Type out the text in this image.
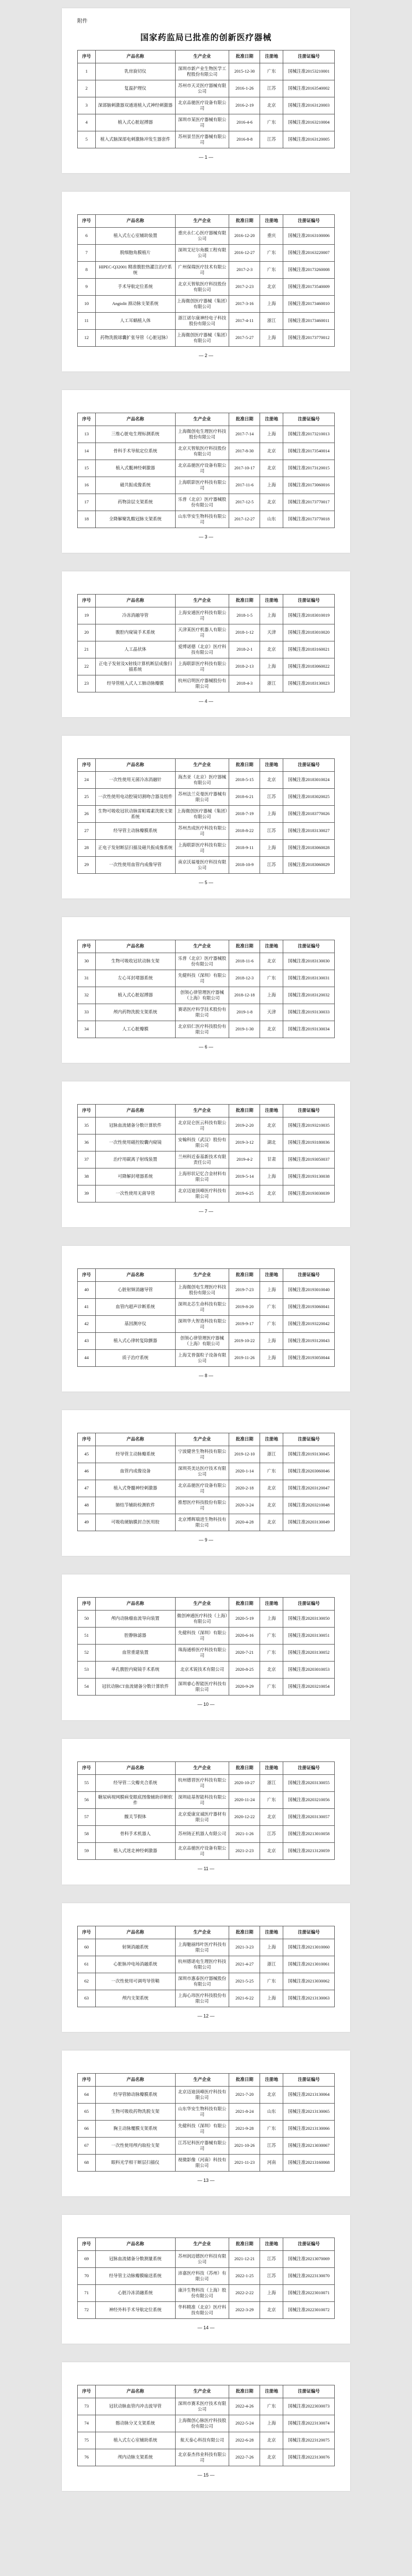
附件
国家药监局已批准的创新医疗器械
序号	产品名称	生产企业	批准日期	注册地	注册证编号
1	乳房旋切仪	深圳市新产业生物医学工程股份有限公司	2015-12-30	广东	国械注准20153210001
2	复温护理仪	苏州市天灵医疗器械有限公司	2016-1-26	江苏	国械注准20163540002
3	深部脑刺激器双通道植入式神经刺激器	北京品驰医疗设备有限公司	2016-2-19	北京	国械注准20163120003
4	植入式心脏起搏器	深圳市某医疗器械有限公司	2016-4-6	广东	国械注准20163210004
5	植入式脑深部电刺激脉冲发生器套件	苏州景昱医疗器械有限公司	2016-8-8	江苏	国械注准20163120005
— 1 —
序号	产品名称	生产企业	批准日期	注册地	注册证编号
6	植入式左心室辅助装置	重庆永仁心医疗器械有限公司	2016-12-20	重庆	国械注准20163100006
7	脱细胞角膜植片	深圳艾尼尔角膜工程有限公司	2016-12-27	广东	国械注准20163220007
8	HIPEC-Q32001 精准腹腔热灌注治疗系统	广州保瑞医疗技术有限公司	2017-2-3	广东	国械注准20173260008
9	手术导航定位系统	北京天智航医疗科技股份有限公司	2017-2-23	北京	国械注准20173540009
10	Angiolit 颈动脉支架系统	上海微创医疗器械（集团）有限公司	2017-3-16	上海	国械注准20173460010
11	人工耳蜗植入体	浙江诺尔康神经电子科技股份有限公司	2017-4-11	浙江	国械注准20173460011
12	药物洗脱球囊扩张导管（心脏冠脉）	上海微创医疗器械（集团）有限公司	2017-5-27	上海	国械注准20173770012
— 2 —
序号	产品名称	生产企业	批准日期	注册地	注册证编号
13	三维心脏电生理标测系统	上海微创电生理医疗科技股份有限公司	2017-7-14	上海	国械注准20173210013
14	骨科手术导航定位系统	北京天智航医疗科技股份有限公司	2017-8-30	北京	国械注准20173540014
15	植入式骶神经刺激器	北京品驰医疗设备有限公司	2017-10-17	北京	国械注准20173120015
16	磁共振成像系统	上海联影医疗科技有限公司	2017-11-6	上海	国械注准20173060016
17	药物涂层支架系统	乐普（北京）医疗器械股份有限公司	2017-12-5	北京	国械注准20173770017
18	全降解聚乳酸冠脉支架系统	山东华安生物科技有限公司	2017-12-27	山东	国械注准20173770018
— 3 —
序号	产品名称	生产企业	批准日期	注册地	注册证编号
19	冷冻消融导管	上海安通医疗科技有限公司	2018-1-5	上海	国械注准20183010019
20	腹腔内窥镜手术系统	天津某医疗机器人有限公司	2018-1-12	天津	国械注准20183010020
21	人工晶状体	爱博诺德（北京）医疗科技有限公司	2018-2-1	北京	国械注准20183160021
22	正电子发射及X射线计算机断层成像扫描系统	上海联影医疗科技有限公司	2018-2-13	上海	国械注准20183060022
23	经导管植入式人工肺动脉瓣膜	杭州启明医疗器械股份有限公司	2018-4-3	浙江	国械注准20183130023
— 4 —
序号	产品名称	生产企业	批准日期	注册地	注册证编号
24	一次性使用无菌冷冻消融针	海杰亚（北京）医疗器械有限公司	2018-5-15	北京	国械注准20183010024
25	一次性使用电动腔镜切割吻合器及组件	苏州法兰克曼医疗器械有限公司	2018-6-21	江苏	国械注准20183020025
26	生物可吸收冠状动脉雷帕霉素洗脱支架系统	上海微创医疗器械（集团）有限公司	2018-7-19	上海	国械注准20183770026
27	经导管主动脉瓣膜系统	苏州杰成医疗科技有限公司	2018-8-22	江苏	国械注准20183130027
28	正电子发射断层扫描及磁共振成像系统	上海联影医疗科技有限公司	2018-9-11	上海	国械注准20183060028
29	一次性使用血管内成像导管	南京沃福曼医疗科技有限公司	2018-10-9	江苏	国械注准20183060029
— 5 —
序号	产品名称	生产企业	批准日期	注册地	注册证编号
30	生物可吸收冠状动脉支架	乐普（北京）医疗器械股份有限公司	2018-11-6	北京	国械注准20183130030
31	左心耳封堵器系统	先健科技（深圳）有限公司	2018-12-3	广东	国械注准20183130031
32	植入式心脏起搏器	创领心律管理医疗器械（上海）有限公司	2018-12-18	上海	国械注准20183120032
33	颅内药物洗脱支架系统	赛诺医疗科学技术股份有限公司	2019-1-8	天津	国械注准20193130033
34	人工心脏瓣膜	北京佰仁医疗科技股份有限公司	2019-1-30	北京	国械注准20193130034
— 6 —
序号	产品名称	生产企业	批准日期	注册地	注册证编号
35	冠脉血流储备分数计算软件	北京昆仑医云科技有限公司	2019-2-20	北京	国械注准20193210035
36	一次性使用磁控胶囊内窥镜	安翰科技（武汉）股份有限公司	2019-3-12	湖北	国械注准20193180036
37	治疗用碳离子射线装置	兰州科近泰基新技术有限责任公司	2019-4-2	甘肃	国械注准20193050037
38	可降解封堵器系统	上海形状记忆合金材料有限公司	2019-5-14	上海	国械注准20193130038
39	一次性使用无菌导管	北京迈迪顶峰医疗科技有限公司	2019-6-25	北京	国械注准20193030039
— 7 —
序号	产品名称	生产企业	批准日期	注册地	注册证编号
40	心脏射频消融导管	上海微创电生理医疗科技股份有限公司	2019-7-23	上海	国械注准20193010040
41	血管内超声诊断系统	深圳北芯生命科技有限公司	2019-8-20	广东	国械注准20193060041
42	基因测序仪	深圳华大智造科技有限公司	2019-9-17	广东	国械注准20193220042
43	植入式心律转复除颤器	创领心律管理医疗器械（上海）有限公司	2019-10-22	上海	国械注准20193120043
44	质子治疗系统	上海艾普强粒子设备有限公司	2019-11-26	上海	国械注准20193050044
— 8 —
序号	产品名称	生产企业	批准日期	注册地	注册证编号
45	经导管主动脉瓣系统	宁波健世生物科技有限公司	2019-12-10	浙江	国械注准20193130045
46	血管内成像设备	深圳英美达医疗技术有限公司	2020-1-14	广东	国械注准20203060046
47	植入式脊髓神经刺激器	北京品驰医疗设备有限公司	2020-2-18	北京	国械注准20203120047
48	肺结节辅助检测软件	推想医疗科技股份有限公司	2020-3-24	北京	国械注准20203210048
49	可吸收硬脑膜封合医用胶	北京博辉瑞进生物科技有限公司	2020-4-28	北京	国械注准20203130049
— 9 —
序号	产品名称	生产企业	批准日期	注册地	注册证编号
50	颅内动脉瘤血流导向装置	微创神通医疗科技（上海）有限公司	2020-5-19	上海	国械注准20203130050
51	腔静脉滤器	先健科技（深圳）有限公司	2020-6-16	广东	国械注准20203130051
52	血管重建装置	珠海通桥医疗科技有限公司	2020-7-21	广东	国械注准20203130052
53	单孔腹腔内窥镜手术系统	北京术锐技术有限公司	2020-8-25	北京	国械注准20203010053
54	冠状动脉CT血流储备分数计算软件	深圳睿心智能医疗科技有限公司	2020-9-29	广东	国械注准20203210054
— 10 —
序号	产品名称	生产企业	批准日期	注册地	注册证编号
55	经导管二尖瓣夹合系统	杭州德晋医疗科技有限公司	2020-10-27	浙江	国械注准20203130055
56	糖尿病视网膜病变眼底图像辅助诊断软件	深圳硅基智能科技有限公司	2020-11-24	广东	国械注准20203210056
57	髋关节假体	北京爱康宜诚医疗器材有限公司	2020-12-22	北京	国械注准20203130057
58	骨科手术机器人	苏州铸正机器人有限公司	2021-1-26	江苏	国械注准20213010058
59	植入式迷走神经刺激器	北京品驰医疗设备有限公司	2021-2-23	北京	国械注准20213120059
— 11 —
序号	产品名称	生产企业	批准日期	注册地	注册证编号
60	射频消融系统	上海魅丽纬叶医疗科技有限公司	2021-3-23	上海	国械注准20213010060
61	心脏脉冲电场消融系统	杭州德诺电生理医疗科技有限公司	2021-4-27	浙江	国械注准20213010061
62	一次性使用可调弯导管鞘	深圳市惠泰医疗器械股份有限公司	2021-5-25	广东	国械注准20213030062
63	颅内支架系统	上海心玮医疗科技股份有限公司	2021-6-22	上海	国械注准20213130063
— 12 —
序号	产品名称	生产企业	批准日期	注册地	注册证编号
64	经导管肺动脉瓣膜系统	北京迈迪顶峰医疗科技有限公司	2021-7-20	北京	国械注准20213130064
65	生物可吸收药物洗脱支架	山东华安生物科技有限公司	2021-8-24	山东	国械注准20213130065
66	胸主动脉覆膜支架系统	先健科技（深圳）有限公司	2021-9-28	广东	国械注准20213130066
67	一次性使用颅内取栓支架	江苏尼科医疗器械有限公司	2021-10-26	江苏	国械注准20213030067
68	眼科光学相干断层扫描仪	视微影像（河南）科技有限公司	2021-11-23	河南	国械注准20213160068
— 13 —
序号	产品名称	生产企业	批准日期	注册地	注册证编号
69	冠脉血流储备分数测量系统	苏州润迈德医疗科技有限公司	2021-12-21	江苏	国械注准20213070069
70	经导管主动脉瓣膜输送系统	沛嘉医疗科技（苏州）有限公司	2022-1-25	江苏	国械注准20223130070
71	心脏冷冻消融系统	康沣生物科技（上海）股份有限公司	2022-2-22	上海	国械注准20223010071
72	神经外科手术导航定位系统	华科精准（北京）医疗科技有限公司	2022-3-29	北京	国械注准20223010072
— 14 —
序号	产品名称	生产企业	批准日期	注册地	注册证编号
73	冠状动脉血管内冲击波导管	深圳市赛禾医疗技术有限公司	2022-4-26	广东	国械注准20223030073
74	髂动脉分叉支架系统	上海微创心脉医疗科技股份有限公司	2022-5-24	上海	国械注准20223130074
75	植入式左心室辅助系统	航天泰心科技有限公司	2022-6-28	北京	国械注准20223120075
76	颅内动脉支架系统	北京泰杰伟业科技有限公司	2022-7-26	北京	国械注准20223130076
— 15 —
